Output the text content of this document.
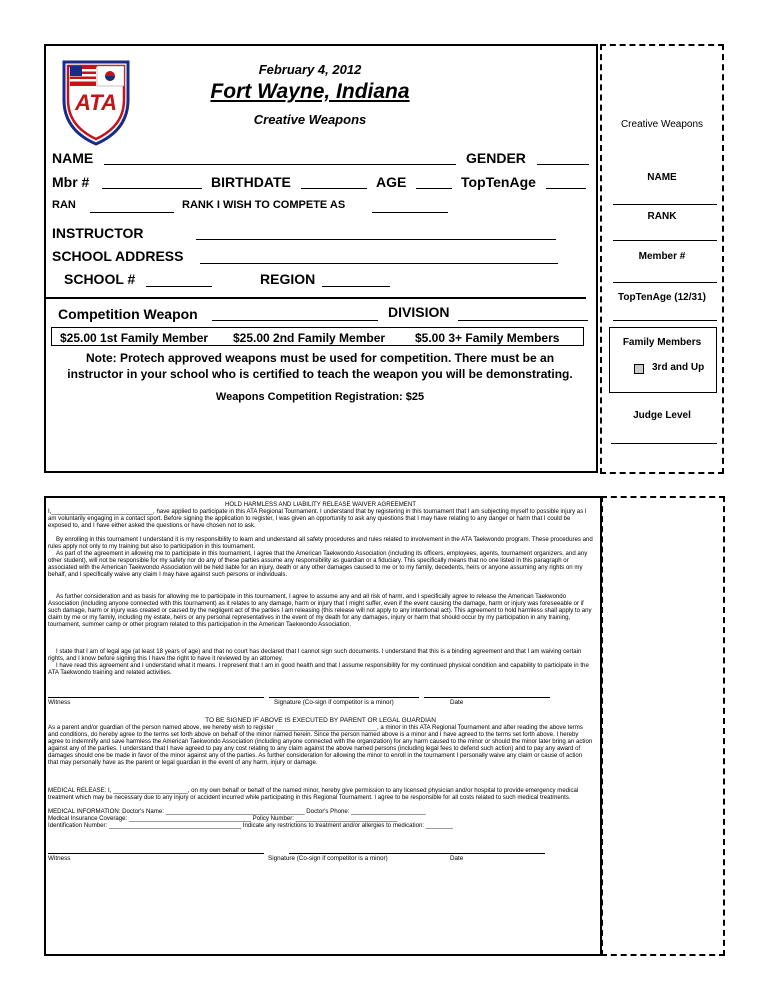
ATA
February 4, 2012
Fort Wayne, Indiana
Creative Weapons
NAME	GENDER
Mbr #	BIRTHDATE	AGE	TopTenAge
RAN	RANK I WISH TO COMPETE AS
INSTRUCTOR
SCHOOL ADDRESS
SCHOOL #	REGION
Competition Weapon	DIVISION
$25.00 1st Family Member $25.00 2nd Family Member $5.00 3+ Family Members
Note: Protech approved weapons must be used for competition. There must be an
instructor in your school who is certified to teach the weapon you will be demonstrating.
Weapons Competition Registration: $25
Creative Weapons
NAME
RANK
Member #
TopTenAge (12/31)
Family Members
3rd and Up
Judge Level
HOLD HARMLESS AND LIABILITY RELEASE WAIVER AGREEMENT
I,______________________________, have applied to participate in this ATA Regional Tournament. I understand that by registering in this tournament that I am subjecting myself to possible injury as I am voluntarily engaging in a contact sport. Before signing the application to register, I was given an opportunity to ask any questions that I may have relating to any danger or harm that I could be exposed to, and I have either asked the questions or have chosen not to ask.
By enrolling in this tournament I understand it is my responsibility to learn and understand all safety procedures and rules related to involvement in the ATA Taekwondo program. These procedures and rules apply not only to my training but also to participation in this tournament.
As part of the agreement in allowing me to participate in this tournament, I agree that the American Taekwondo Association (including its officers, employees, agents, tournament organizers, and any other student), will not be responsible for my safety nor do any of these parties assume any responsibility as guardian or a fiduciary. This specifically means that no one listed in this paragraph or associated with the American Taekwondo Association will be held liable for an injury, death or any other damages caused to me or to my family, decedents, heirs or anyone assuming any rights on my behalf, and I specifically waive any claim I may have against such persons or individuals.
As further consideration and as basis for allowing me to participate in this tournament, I agree to assume any and all risk of harm, and I specifically agree to release the American Taekwondo Association (including anyone connected with this tournament) as it relates to any damage, harm or injury that I might suffer, even if the event causing the damage, harm or injury was foreseeable or if such damage, harm or injury was created or caused by the negligent act of the parties I am releasing (this release will not apply to any intentional act). This agreement to hold harmless shall apply to any claim by me or my family, including my estate, heirs or any personal representatives in the event of my death for any damages, injury or harm that should occur by my participation in any training, tournament, summer camp or other program related to this participation in the American Taekwondo Association.
I state that I am of legal age (at least 18 years of age) and that no court has declared that I cannot sign such documents. I understand that this is a binding agreement and that I am waiving certain rights, and I know before signing this I have the right to have it reviewed by an attorney.
I have read this agreement and I understand what it means. I represent that I am in good health and that I assume responsibility for my continued physical condition and capability to participate in the ATA Taekwondo training and related activities.
Witness	Signature (Co-sign if competitor is a minor)	Date
TO BE SIGNED IF ABOVE IS EXECUTED BY PARENT OR LEGAL GUARDIAN
As a parent and/or guardian of the person named above, we hereby wish to register ______________________________, a minor in this ATA Regional Tournament and after reading the above terms and conditions, do hereby agree to the terms set forth above on behalf of the minor named herein. Since the person named above is a minor and I have agreed to the terms set forth above. I hereby agree to indemnify and save harmless the American Taekwondo Association (including anyone connected with the organization) for any harm caused to the minor or should the minor later bring an action against any of the parties. I understand that I have agreed to pay any cost relating to any claim against the above named persons (including legal fees to defend such action) and to pay any award of damages should one be made in favor of the minor against any of the parties. As further consideration for allowing the minor to enroll in the tournament I personally waive any claim or cause of action that may personally have as the parent or legal guardian in the event of any harm, injury or damage.
MEDICAL RELEASE: I, ______________________, on my own behalf or behalf of the named minor, hereby give permission to any licensed physician and/or hospital to provide emergency medical treatment which may be necessary due to any injury or accident incurred while participating in this Regional Tournament. I agree to be responsible for all costs related to such medical treatments.
MEDICAL INFORMATION: Doctor's Name: _________________________________________ Doctor's Phone: ______________________
Medical Insurance Coverage: ____________________________________ Policy Number: ______________________________
Identification Number: _______________________________________ Indicate any restrictions to treatment and/or allergies to medication: ________
Witness	Signature (Co-sign if competitor is a minor)	Date
